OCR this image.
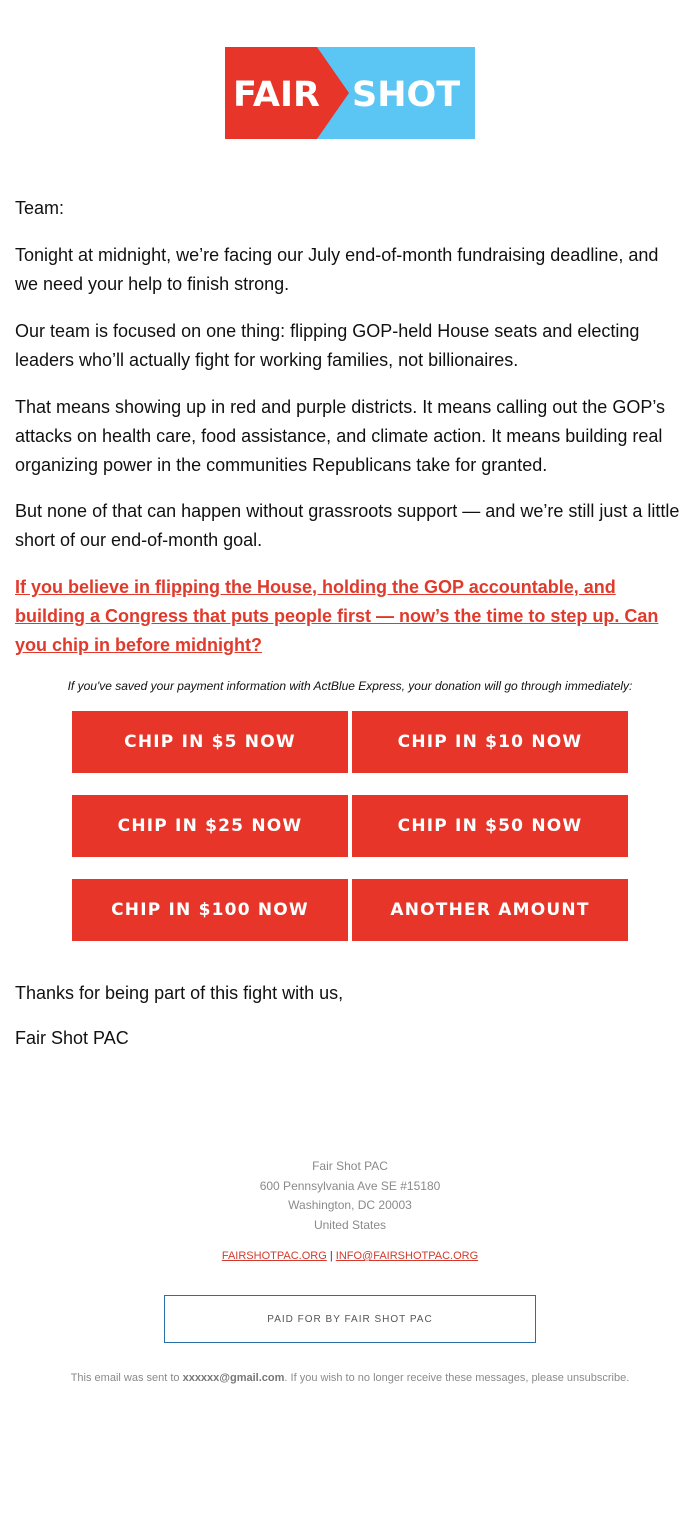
FAIR SHOT

Team:

Tonight at midnight, we’re facing our July end-of-month fundraising deadline, and we need your help to finish strong.

Our team is focused on one thing: flipping GOP-held House seats and electing leaders who’ll actually fight for working families, not billionaires.

That means showing up in red and purple districts. It means calling out the GOP’s attacks on health care, food assistance, and climate action. It means building real organizing power in the communities Republicans take for granted.

But none of that can happen without grassroots support — and we’re still just a little short of our end-of-month goal.

If you believe in flipping the House, holding the GOP accountable, and building a Congress that puts people first — now’s the time to step up. Can you chip in before midnight?

If you've saved your payment information with ActBlue Express, your donation will go through immediately:
CHIP IN $5 NOW	CHIP IN $10 NOW
CHIP IN $25 NOW	CHIP IN $50 NOW
CHIP IN $100 NOW	ANOTHER AMOUNT

Thanks for being part of this fight with us,

Fair Shot PAC

Fair Shot PAC
600 Pennsylvania Ave SE #15180
Washington, DC 20003
United States
FAIRSHOTPAC.ORG | INFO@FAIRSHOTPAC.ORG
PAID FOR BY FAIR SHOT PAC
This email was sent to xxxxxx@gmail.com. If you wish to no longer receive these messages, please unsubscribe.
